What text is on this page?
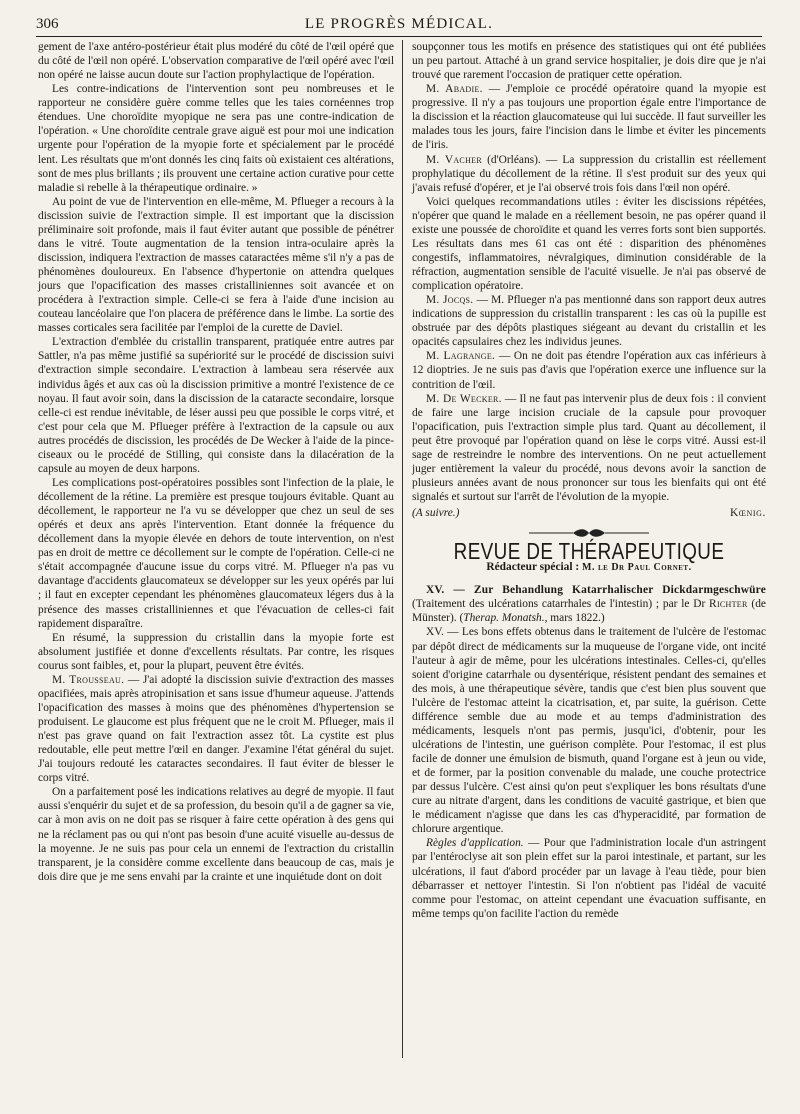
306	LE PROGRÈS MÉDICAL.

gement de l'axe antéro-postérieur était plus modéré du côté de l'œil opéré que du côté de l'œil non opéré. L'observation comparative de l'œil opéré avec l'œil non opéré ne laisse aucun doute sur l'action prophylactique de l'opération.

Les contre-indications de l'intervention sont peu nombreuses et le rapporteur ne considère guère comme telles que les taies cornéennes trop étendues. Une choroïdite myopique ne sera pas une contre-indication de l'opération. « Une choroïdite centrale grave aiguë est pour moi une indication urgente pour l'opération de la myopie forte et spécialement par le procédé lent. Les résultats que m'ont donnés les cinq faits où existaient ces altérations, sont de mes plus brillants ; ils prouvent une certaine action curative pour cette maladie si rebelle à la thérapeutique ordinaire. »

Au point de vue de l'intervention en elle-même, M. Pflueger a recours à la discission suivie de l'extraction simple. Il est important que la discission préliminaire soit profonde, mais il faut éviter autant que possible de pénétrer dans le vitré. Toute augmentation de la tension intra-oculaire après la discission, indiquera l'extraction de masses cataractées même s'il n'y a pas de phénomènes douloureux. En l'absence d'hypertonie on attendra quelques jours que l'opacification des masses cristalliniennes soit avancée et on procédera à l'extraction simple. Celle-ci se fera à l'aide d'une incision au couteau lancéolaire que l'on placera de préférence dans le limbe. La sortie des masses corticales sera facilitée par l'emploi de la curette de Daviel.

L'extraction d'emblée du cristallin transparent, pratiquée entre autres par Sattler, n'a pas même justifié sa supériorité sur le procédé de discission suivi d'extraction simple secondaire. L'extraction à lambeau sera réservée aux individus âgés et aux cas où la discission primitive a montré l'existence de ce noyau. Il faut avoir soin, dans la discission de la cataracte secondaire, lorsque celle-ci est rendue inévitable, de léser aussi peu que possible le corps vitré, et c'est pour cela que M. Pflueger préfère à l'extraction de la capsule ou aux autres procédés de discission, les procédés de De Wecker à l'aide de la pince-ciseaux ou le procédé de Stilling, qui consiste dans la dilacération de la capsule au moyen de deux harpons.

Les complications post-opératoires possibles sont l'infection de la plaie, le décollement de la rétine. La première est presque toujours évitable. Quant au décollement, le rapporteur ne l'a vu se développer que chez un seul de ses opérés et deux ans après l'intervention. Etant donnée la fréquence du décollement dans la myopie élevée en dehors de toute intervention, on n'est pas en droit de mettre ce décollement sur le compte de l'opération. Celle-ci ne s'était accompagnée d'aucune issue du corps vitré. M. Pflueger n'a pas vu davantage d'accidents glaucomateux se développer sur les yeux opérés par lui ; il faut en excepter cependant les phénomènes glaucomateux légers dus à la présence des masses cristalliniennes et que l'évacuation de celles-ci fait rapidement disparaître.

En résumé, la suppression du cristallin dans la myopie forte est absolument justifiée et donne d'excellents résultats. Par contre, les risques courus sont faibles, et, pour la plupart, peuvent être évités.

M. Trousseau. — J'ai adopté la discission suivie d'extraction des masses opacifiées, mais après atropinisation et sans issue d'humeur aqueuse. J'attends l'opacification des masses à moins que des phénomènes d'hypertension se produisent. Le glaucome est plus fréquent que ne le croit M. Pflueger, mais il n'est pas grave quand on fait l'extraction assez tôt. La cystite est plus redoutable, elle peut mettre l'œil en danger. J'examine l'état général du sujet. J'ai toujours redouté les cataractes secondaires. Il faut éviter de blesser le corps vitré.

On a parfaitement posé les indications relatives au degré de myopie. Il faut aussi s'enquérir du sujet et de sa profession, du besoin qu'il a de gagner sa vie, car à mon avis on ne doit pas se risquer à faire cette opération à des gens qui ne la réclament pas ou qui n'ont pas besoin d'une acuité visuelle au-dessus de la moyenne. Je ne suis pas pour cela un ennemi de l'extraction du cristallin transparent, je la considère comme excellente dans beaucoup de cas, mais je dois dire que je me sens envahi par la crainte et une inquiétude dont on doit

soupçonner tous les motifs en présence des statistiques qui ont été publiées un peu partout. Attaché à un grand service hospitalier, je dois dire que je n'ai trouvé que rarement l'occasion de pratiquer cette opération.

M. Abadie. — J'emploie ce procédé opératoire quand la myopie est progressive. Il n'y a pas toujours une proportion égale entre l'importance de la discission et la réaction glaucomateuse qui lui succède. Il faut surveiller les malades tous les jours, faire l'incision dans le limbe et éviter les pincements de l'iris.

M. Vacher (d'Orléans). — La suppression du cristallin est réellement prophylatique du décollement de la rétine. Il s'est produit sur des yeux qui j'avais refusé d'opérer, et je l'ai observé trois fois dans l'œil non opéré.

Voici quelques recommandations utiles : éviter les discissions répétées, n'opérer que quand le malade en a réellement besoin, ne pas opérer quand il existe une poussée de choroïdite et quand les verres forts sont bien supportés. Les résultats dans mes 61 cas ont été : disparition des phénomènes congestifs, inflammatoires, névralgiques, diminution considérable de la réfraction, augmentation sensible de l'acuité visuelle. Je n'ai pas observé de complication opératoire.

M. Jocqs. — M. Pflueger n'a pas mentionné dans son rapport deux autres indications de suppression du cristallin transparent : les cas où la pupille est obstruée par des dépôts plastiques siégeant au devant du cristallin et les opacités capsulaires chez les individus jeunes.

M. Lagrange. — On ne doit pas étendre l'opération aux cas inférieurs à 12 dioptries. Je ne suis pas d'avis que l'opération exerce une influence sur la contrition de l'œil.

M. De Wecker. — Il ne faut pas intervenir plus de deux fois : il convient de faire une large incision cruciale de la capsule pour provoquer l'opacification, puis l'extraction simple plus tard. Quant au décollement, il peut être provoqué par l'opération quand on lèse le corps vitré. Aussi est-il sage de restreindre le nombre des interventions. On ne peut actuellement juger entièrement la valeur du procédé, nous devons avoir la sanction de plusieurs années avant de nous prononcer sur tous les bienfaits qui ont été signalés et surtout sur l'arrêt de l'évolution de la myopie.

(A suivre.)	Kœnig.
REVUE DE THÉRAPEUTIQUE
Rédacteur spécial : M. le Dr Paul Cornet.

XV. — Zur Behandlung Katarrhalischer Dickdarmgeschwüre (Traitement des ulcérations catarrhales de l'intestin) ; par le Dr Richter (de Münster). (Therap. Monatsh., mars 1822.)

XV. — Les bons effets obtenus dans le traitement de l'ulcère de l'estomac par dépôt direct de médicaments sur la muqueuse de l'organe vide, ont incité l'auteur à agir de même, pour les ulcérations intestinales. Celles-ci, qu'elles soient d'origine catarrhale ou dysentérique, résistent pendant des semaines et des mois, à une thérapeutique sévère, tandis que c'est bien plus souvent que l'ulcère de l'estomac atteint la cicatrisation, et, par suite, la guérison. Cette différence semble due au mode et au temps d'administration des médicaments, lesquels n'ont pas permis, jusqu'ici, d'obtenir, pour les ulcérations de l'intestin, une guérison complète. Pour l'estomac, il est plus facile de donner une émulsion de bismuth, quand l'organe est à jeun ou vide, et de former, par la position convenable du malade, une couche protectrice par dessus l'ulcère. C'est ainsi qu'on peut s'expliquer les bons résultats d'une cure au nitrate d'argent, dans les conditions de vacuité gastrique, et bien que le médicament n'agisse que dans les cas d'hyperacidité, par formation de chlorure argentique.

Règles d'application. — Pour que l'administration locale d'un astringent par l'entéroclyse ait son plein effet sur la paroi intestinale, et partant, sur les ulcérations, il faut d'abord procéder par un lavage à l'eau tiède, pour bien débarrasser et nettoyer l'intestin. Si l'on n'obtient pas l'idéal de vacuité comme pour l'estomac, on atteint cependant une évacuation suffisante, en même temps qu'on facilite l'action du remède
